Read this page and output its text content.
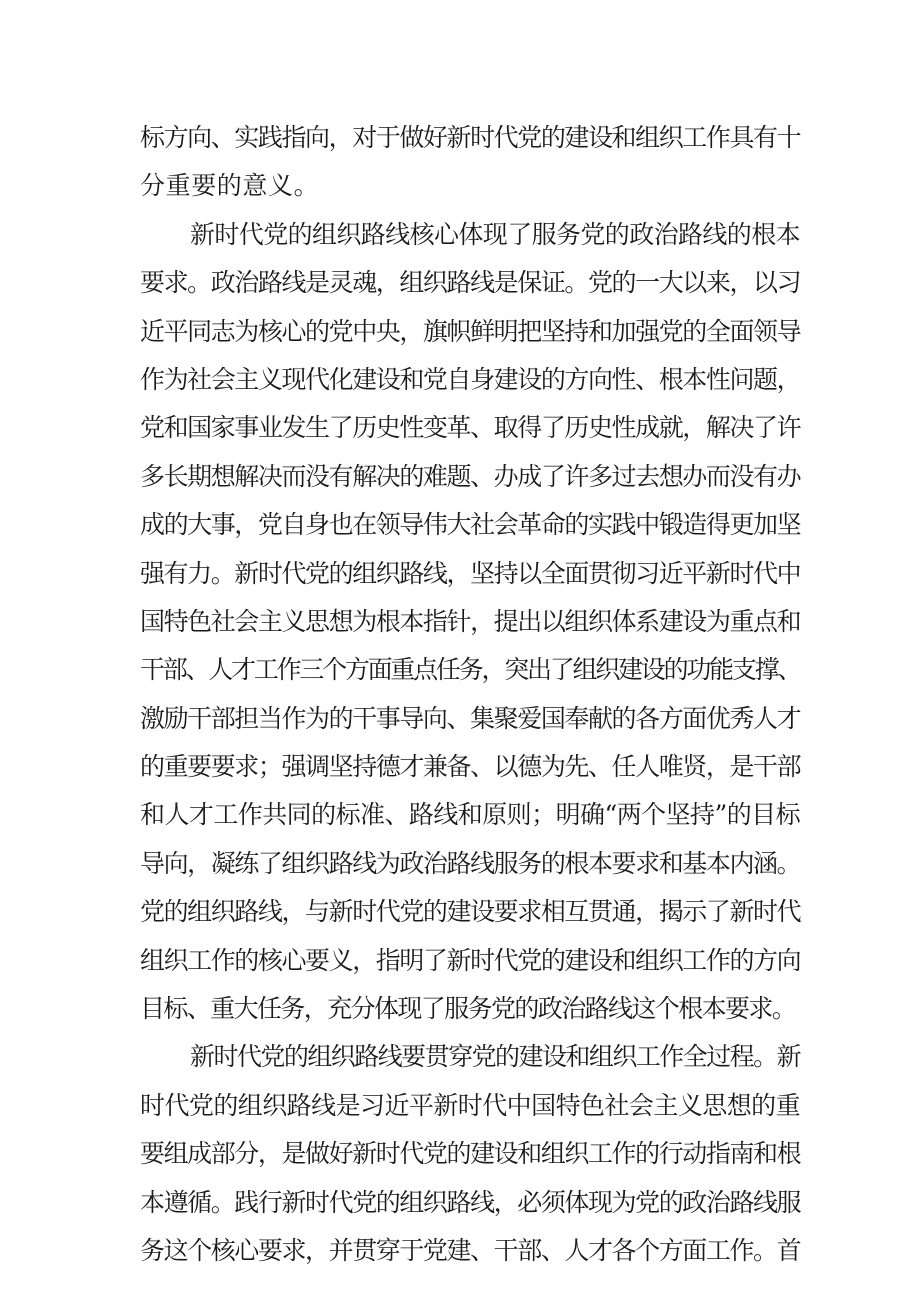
标方向、实践指向，对于做好新时代党的建设和组织工作具有十
分重要的意义。
新时代党的组织路线核心体现了服务党的政治路线的根本
要求。政治路线是灵魂，组织路线是保证。党的一大以来，以习
近平同志为核心的党中央，旗帜鲜明把坚持和加强党的全面领导
作为社会主义现代化建设和党自身建设的方向性、根本性问题，
党和国家事业发生了历史性变革、取得了历史性成就，解决了许
多长期想解决而没有解决的难题、办成了许多过去想办而没有办
成的大事，党自身也在领导伟大社会革命的实践中锻造得更加坚
强有力。新时代党的组织路线，坚持以全面贯彻习近平新时代中
国特色社会主义思想为根本指针，提出以组织体系建设为重点和
干部、人才工作三个方面重点任务，突出了组织建设的功能支撑、
激励干部担当作为的干事导向、集聚爱国奉献的各方面优秀人才
的重要要求；强调坚持德才兼备、以德为先、任人唯贤，是干部
和人才工作共同的标准、路线和原则；明确“两个坚持”的目标
导向，凝练了组织路线为政治路线服务的根本要求和基本内涵。
党的组织路线，与新时代党的建设要求相互贯通，揭示了新时代
组织工作的核心要义，指明了新时代党的建设和组织工作的方向
目标、重大任务，充分体现了服务党的政治路线这个根本要求。
新时代党的组织路线要贯穿党的建设和组织工作全过程。新
时代党的组织路线是习近平新时代中国特色社会主义思想的重
要组成部分，是做好新时代党的建设和组织工作的行动指南和根
本遵循。践行新时代党的组织路线，必须体现为党的政治路线服
务这个核心要求，并贯穿于党建、干部、人才各个方面工作。首
